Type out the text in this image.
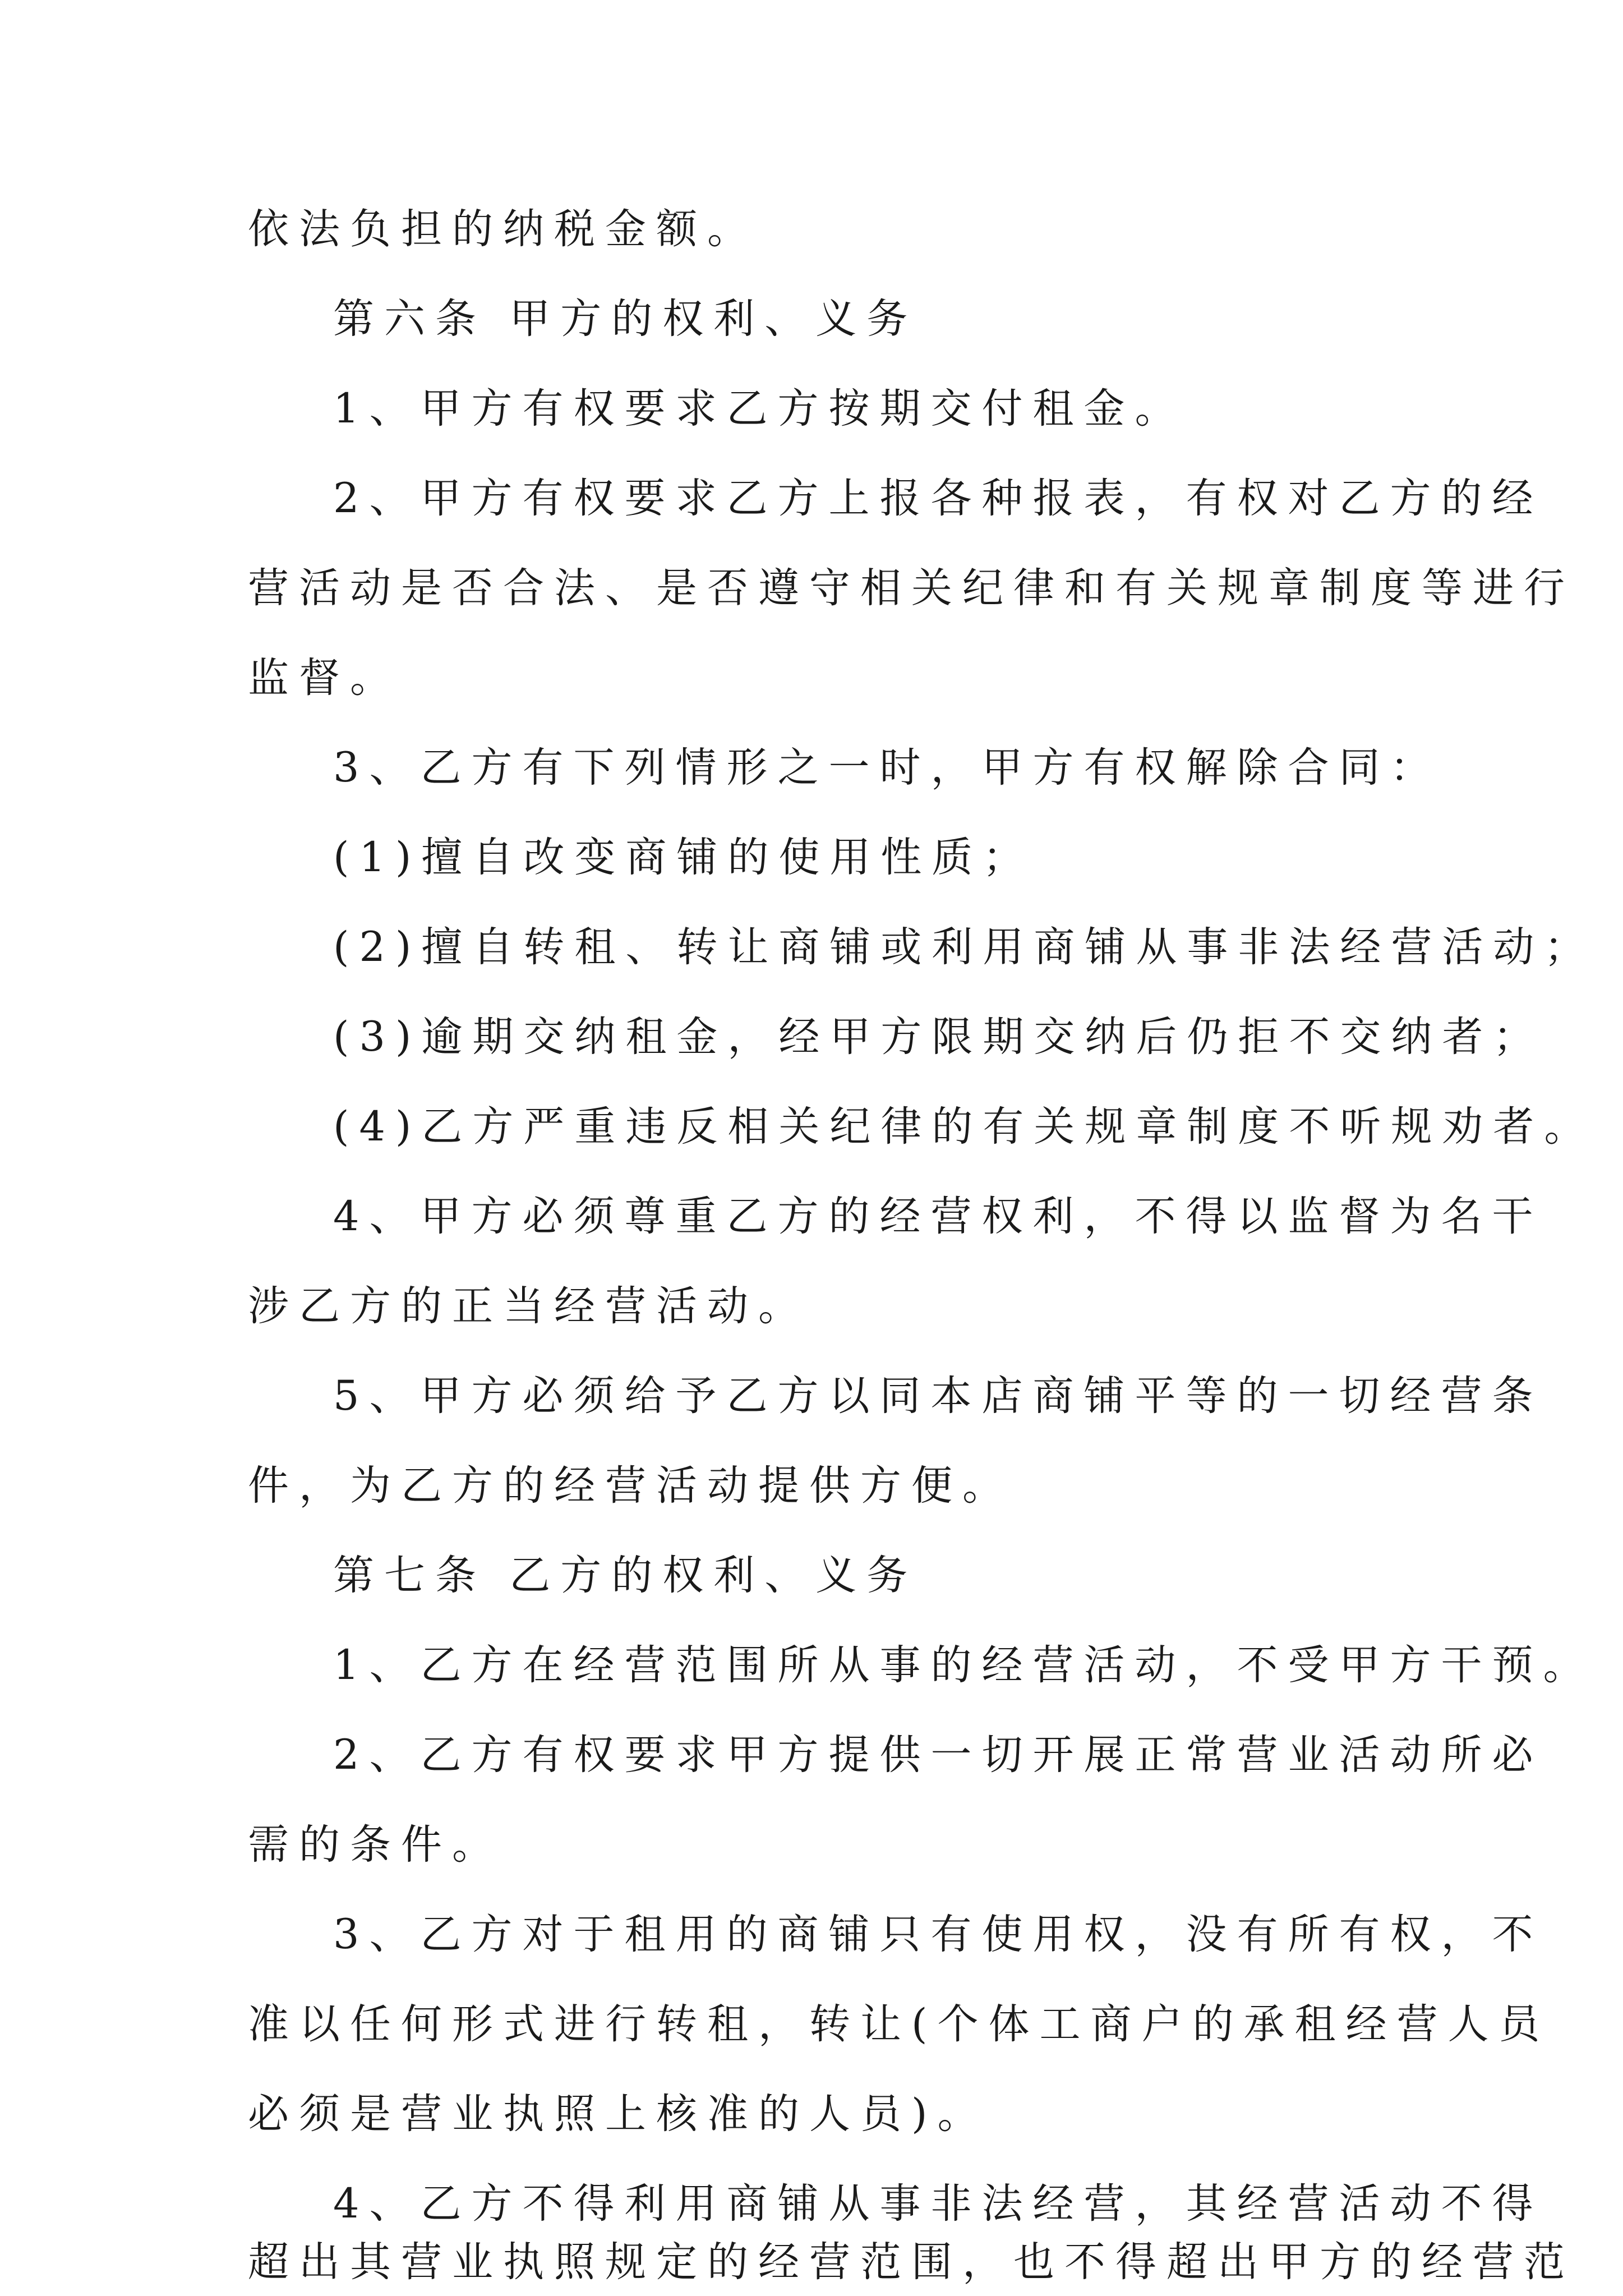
依法负担的纳税金额。
第六条 甲方的权利、义务
1、甲方有权要求乙方按期交付租金。
2、甲方有权要求乙方上报各种报表，有权对乙方的经
营活动是否合法、是否遵守相关纪律和有关规章制度等进行
监督。
3、乙方有下列情形之一时，甲方有权解除合同：
(1)擅自改变商铺的使用性质；
(2)擅自转租、转让商铺或利用商铺从事非法经营活动；
(3)逾期交纳租金，经甲方限期交纳后仍拒不交纳者；
(4)乙方严重违反相关纪律的有关规章制度不听规劝者。
4、甲方必须尊重乙方的经营权利，不得以监督为名干
涉乙方的正当经营活动。
5、甲方必须给予乙方以同本店商铺平等的一切经营条
件，为乙方的经营活动提供方便。
第七条 乙方的权利、义务
1、乙方在经营范围所从事的经营活动，不受甲方干预。
2、乙方有权要求甲方提供一切开展正常营业活动所必
需的条件。
3、乙方对于租用的商铺只有使用权，没有所有权，不
准以任何形式进行转租，转让(个体工商户的承租经营人员
必须是营业执照上核准的人员)。
4、乙方不得利用商铺从事非法经营，其经营活动不得
超出其营业执照规定的经营范围，也不得超出甲方的经营范
